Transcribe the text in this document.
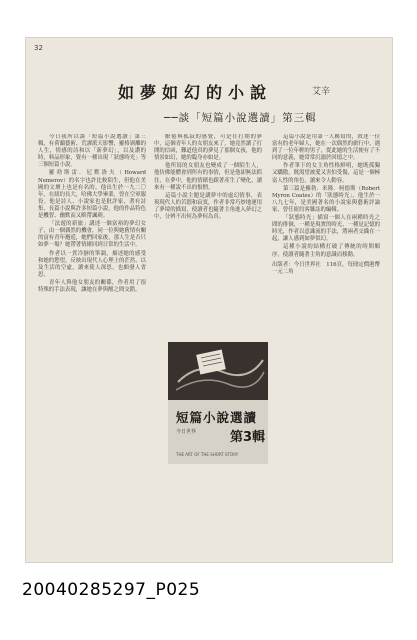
32
如夢如幻的小說	艾辛
──談「短篇小說選讀」第三輯

今日我所以談「短篇小說選讀」第三輯，有荷蘭藝術、荒謬派天影響，羅格剝離的人生，情感的詩和以「新夢幻」，以及讚的時，料品形象，覺有一種出現「狀態時光」等三個短篇小說。

羅勃斯雷．尼默洛夫（Howard Nemerov）的名字也許比較陌生，但他在美國的文壇上也是有名的。他出生於一九二〇年，在紐約長大，哈佛大學畢業，曾在空軍服役。他是詩人、小說家也是批評家，著有詩集、長篇小說與許多短篇小說，他的作品特色是機智、幽默而又略帶諷刺。

「法遊的新旅」講述一個富裕的夢幻女子，由一個偶然的機會，同一位與她舊情有關的富有青年邂逅，她們回家後，那人生是否只如夢一場？她帶著情緒回到日常的生活中。

作者以一貫冷靜的筆調，描述她的感受和她的慾望，反映出現代人心理上的茫然，以及生活的空虛，讀來使人深思，也頗發人省思。

青年人與他女朋友的關係，作者用了很特殊的手法表現，讓她在夢與醒之間交錯。

厭倦與孤寂的感覺，可是在打開的夢中，這個青年人的女朋友來了，她竟然讀了打開的信函，難道他真的夢見了那個女孩，他的情景如幻，她的臨身亦如是。

他所寫的女朋友也變成了一個陌生人，他仿佛能體會到所有的事情，但是他卻無法抓住，在夢中，他的情緒也跟著產生了變化，讀來有一種說不出的悵惘。

這篇小說主題是講夢中的虛幻情事，表現現代人的苦悶和寂寞，作者非常巧妙地運用了夢境的描寫，使讀者也隨著主角進入夢幻之中，分辨不出何為夢何為真。

這篇小說是用第一人稱寫的，敘述一位富有的老年婦人，她在一次偶然的旅行中，遇到了一位年輕的男子，從此她的生活便有了不同的意義，她常常沉溺於回憶之中。

作者筆下的女主角性格鮮明，她既孤獨又驕傲，既渴望被愛又害怕受傷，這是一個極富人性的角色，讀來令人動容。

第三篇是羅勃．米隆．柯德斯（Robert Myron Coates）的「狀態時光」，他生於一八九七年，是美國著名的小說家與藝術評論家，曾任紐約客雜誌的編輯。

「狀態時光」描寫一個人在兩種時光之間的徘徊，一種是現實的時光，一種是記憶的時光，作者以意識流的手法，將兩者交織在一起，讓人感到如夢似幻。

這種小說的結構打破了傳統的時間順序，使讀者隨著主角的意識而移動。

出版者：今日世界社　116頁，每冊定價港幣一元二角

短篇小說選讀
今日世界	第3輯
THE ART OF THE SHORT STORY
20040285297_P025
